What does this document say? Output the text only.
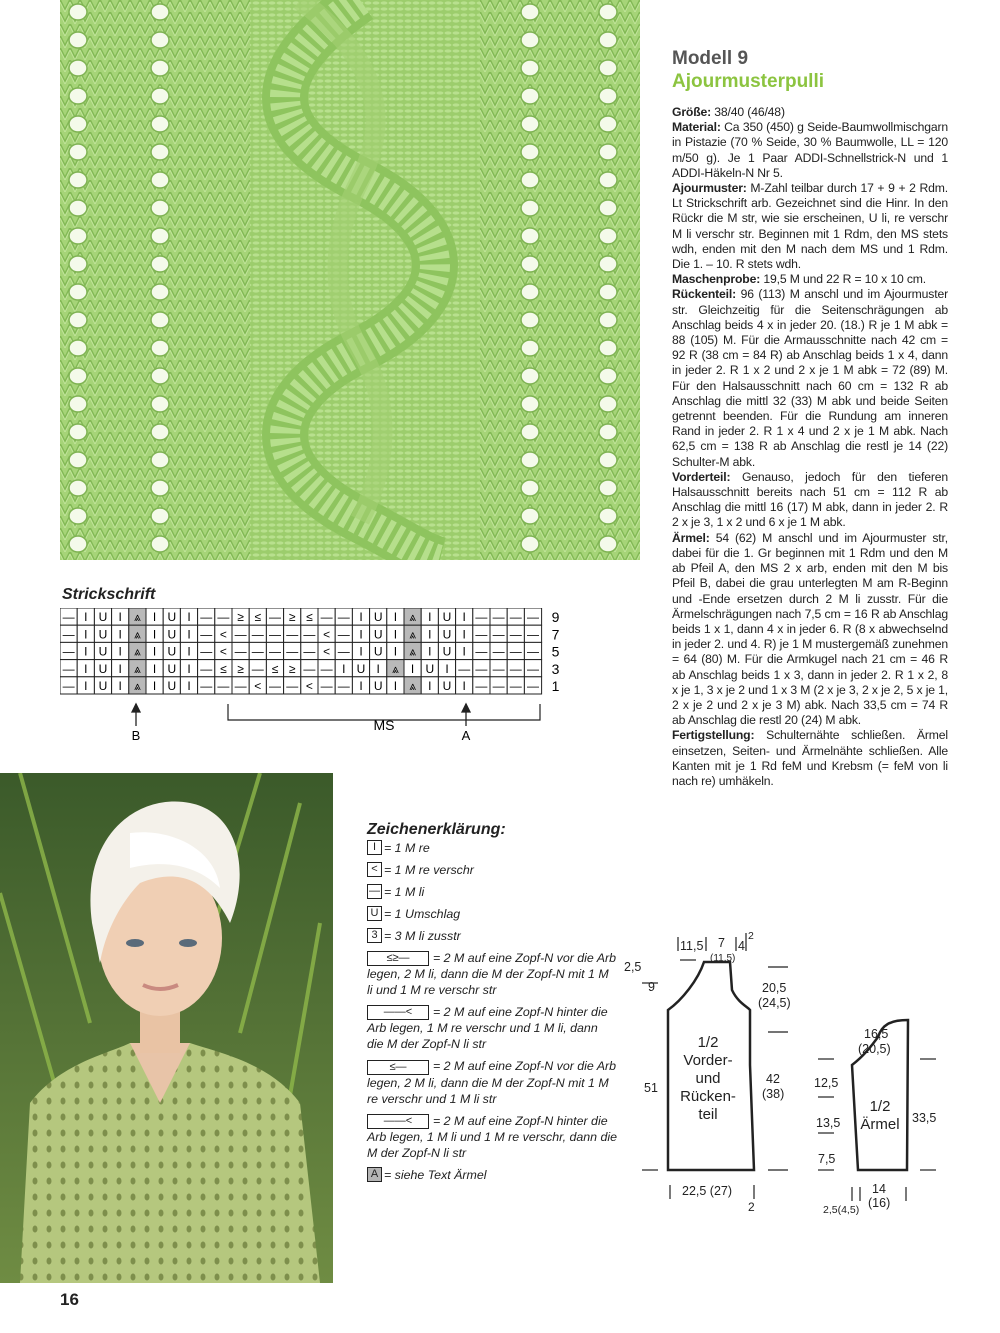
Modell 9
Ajourmusterpulli

Größe: 38/40 (46/48)

Material: Ca 350 (450) g Seide-Baumwollmischgarn in Pistazie (70 % Seide, 30 % Baumwolle, LL = 120 m/50 g). Je 1 Paar ADDI-Schnellstrick-N und 1 ADDI-Häkeln-N Nr 5.

Ajourmuster: M-Zahl teilbar durch 17 + 9 + 2 Rdm. Lt Strickschrift arb. Gezeichnet sind die Hinr. In den Rückr die M str, wie sie erscheinen, U li, re verschr M li verschr str. Beginnen mit 1 Rdm, den MS stets wdh, enden mit den M nach dem MS und 1 Rdm. Die 1. – 10. R stets wdh.

Maschenprobe: 19,5 M und 22 R = 10 x 10 cm.

Rückenteil: 96 (113) M anschl und im Ajourmuster str. Gleichzeitig für die Seitenschrägungen ab Anschlag beids 4 x in jeder 20. (18.) R je 1 M abk = 88 (105) M. Für die Armausschnitte nach 42 cm = 92 R (38 cm = 84 R) ab Anschlag beids 1 x 4, dann in jeder 2. R 1 x 2 und 2 x je 1 M abk = 72 (89) M. Für den Halsausschnitt nach 60 cm = 132 R ab Anschlag die mittl 32 (33) M abk und beide Seiten getrennt beenden. Für die Rundung am inneren Rand in jeder 2. R 1 x 4 und 2 x je 1 M abk. Nach 62,5 cm = 138 R ab Anschlag die restl je 14 (22) Schulter-M abk.

Vorderteil: Genauso, jedoch für den tieferen Halsausschnitt bereits nach 51 cm = 112 R ab Anschlag die mittl 16 (17) M abk, dann in jeder 2. R 2 x je 3, 1 x 2 und 6 x je 1 M abk.

Ärmel: 54 (62) M anschl und im Ajourmuster str, dabei für die 1. Gr beginnen mit 1 Rdm und den M ab Pfeil A, den MS 2 x arb, enden mit den M bis Pfeil B, dabei die grau unterlegten M am R-Beginn und -Ende ersetzen durch 2 M li zusstr. Für die Ärmelschrägungen nach 7,5 cm = 16 R ab Anschlag beids 1 x 1, dann 4 x in jeder 6. R (8 x abwechselnd in jeder 2. und 4. R) je 1 M mustergemäß zunehmen = 64 (80) M. Für die Armkugel nach 21 cm = 46 R ab Anschlag beids 1 x 3, dann in jeder 2. R 1 x 2, 8 x je 1, 3 x je 2 und 1 x 3 M (2 x je 3, 2 x je 2, 5 x je 1, 2 x je 2 und 2 x je 3 M) abk. Nach 33,5 cm = 74 R ab Anschlag die restl 20 (24) M abk.

Fertigstellung: Schulternähte schließen. Ärmel einsetzen, Seiten- und Ärmelnähte schließen. Alle Kanten mit je 1 Rd feM und Krebsm (= feM von li nach re) umhäkeln.

Strickschrift
— I U I ⩓ I U I — — ≥ ≤ — ≥ ≤ — — I U I ⩓ I U I — — — —
— I U I ⩓ I U I — < — — — — — < — I U I ⩓ I U I — — — —
— I U I ⩓ I U I — < — — — — — < — I U I ⩓ I U I — — — —
— I U I ⩓ I U I — ≤ ≥ — ≤ ≥ — — I U I ⩓ I U I — — — — —
— I U I ⩓ I U I — — — < — — < — — I U I ⩓ I U I — — — —
9
7
5
3
1
MS
B	A
Zeichenerklärung:
I = 1 M re
< = 1 M re verschr
— = 1 M li
U = 1 Umschlag
3 = 3 M li zusstr
≤≥— = 2 M auf eine Zopf-N vor die Arb legen, 2 M li, dann die M der Zopf-N mit 1 M li und 1 M re verschr str
——< = 2 M auf eine Zopf-N hinter die Arb legen, 1 M re verschr und 1 M li, dann die M der Zopf-N li str
≤— = 2 M auf eine Zopf-N vor die Arb legen, 2 M li, dann die M der Zopf-N mit 1 M re verschr und 1 M li str
——< = 2 M auf eine Zopf-N hinter die Arb legen, 1 M li und 1 M re verschr, dann die M der Zopf-N li str
A = siehe Text Ärmel
11,5 7
(11,5)
4
2
2,5
9
51
20,5
(24,5)
42
(38)
22,5 (27)
2
1/2
Vorder-
und
Rücken-
teil
16,5
(20,5)
12,5
13,5
7,5
33,5
14
(16)
2,5(4,5)
1/2
Ärmel
16
